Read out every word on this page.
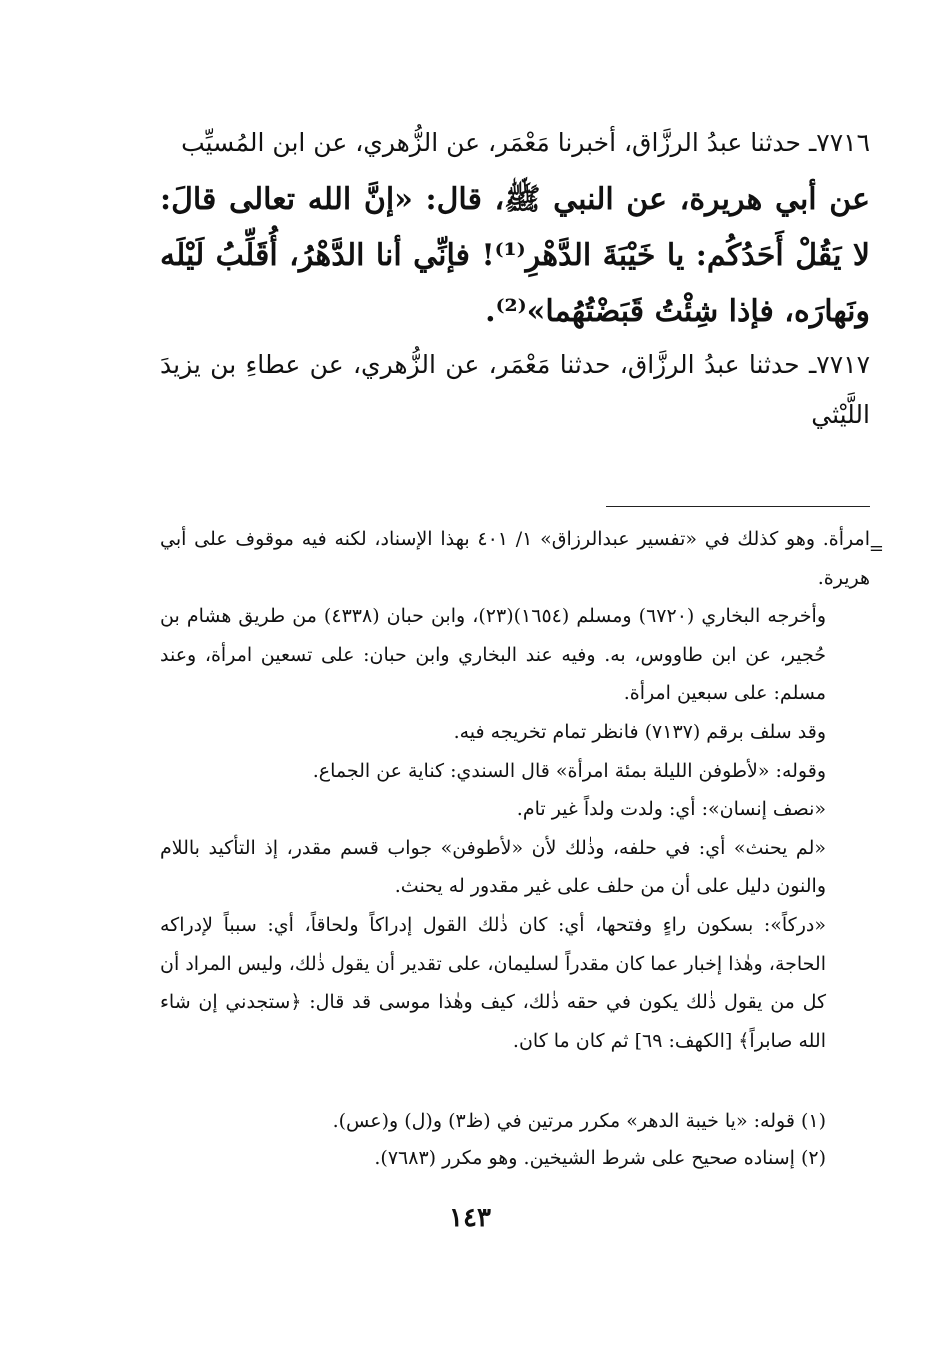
٧٧١٦ـ حدثنا عبدُ الرزَّاق، أخبرنا مَعْمَر، عن الزُّهري، عن ابن المُسيِّب

عن أبي هريرة، عن النبي ﷺ، قال: «إنَّ الله تعالى قالَ: لا يَقُلْ أَحَدُكُم: يا خَيْبَةَ الدَّهْرِ⁽¹⁾! فإنِّي أنا الدَّهْرُ، أُقَلِّبُ لَيْلَه ونَهارَه، فإذا شِئْتُ قَبَضْتُهُما»⁽²⁾.

٧٧١٧ـ حدثنا عبدُ الرزَّاق، حدثنا مَعْمَر، عن الزُّهري، عن عطاءِ بن يزيدَ اللَّيْثي

=

امرأة. وهو كذلك في «تفسير عبدالرزاق» ١/ ٤٠١ بهذا الإسناد، لكنه فيه موقوف على أبي هريرة.

وأخرجه البخاري (٦٧٢٠) ومسلم (١٦٥٤)(٢٣)، وابن حبان (٤٣٣٨) من طريق هشام بن حُجير، عن ابن طاووس، به. وفيه عند البخاري وابن حبان: على تسعين امرأة، وعند مسلم: على سبعين امرأة.

وقد سلف برقم (٧١٣٧) فانظر تمام تخريجه فيه.

وقوله: «لأطوفن الليلة بمئة امرأة» قال السندي: كناية عن الجماع.

«نصف إنسان»: أي: ولدت ولداً غير تام.

«لم يحنث» أي: في حلفه، وذٰلك لأن «لأطوفن» جواب قسم مقدر، إذ التأكيد باللام والنون دليل على أن من حلف على غير مقدور له يحنث.

«دركاً»: بسكون راءٍ وفتحها، أي: كان ذٰلك القول إدراكاً ولحاقاً، أي: سبباً لإدراكه الحاجة، وهٰذا إخبار عما كان مقدراً لسليمان، على تقدير أن يقول ذٰلك، وليس المراد أن كل من يقول ذٰلك يكون في حقه ذٰلك، كيف وهٰذا موسى قد قال: ﴿ستجدني إن شاء الله صابراً﴾ [الكهف: ٦٩] ثم كان ما كان.

(١) قوله: «يا خيبة الدهر» مكرر مرتين في (ظ٣) و(ل) و(عس).

(٢) إسناده صحيح على شرط الشيخين. وهو مكرر (٧٦٨٣).

١٤٣
